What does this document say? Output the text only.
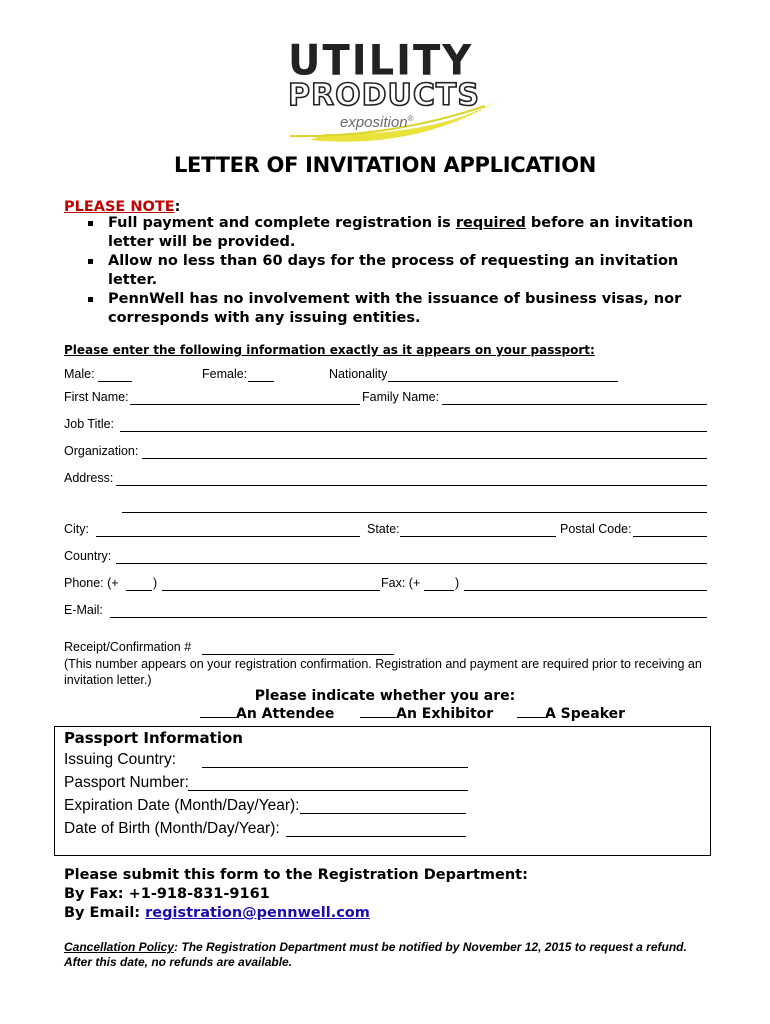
UTILITY
PRODUCTS
exposition®
LETTER OF INVITATION APPLICATION
PLEASE NOTE:
Full payment and complete registration is required before an invitation letter will be provided.
Allow no less than 60 days for the process of requesting an invitation letter.
PennWell has no involvement with the issuance of business visas, nor corresponds with any issuing entities.
Please enter the following information exactly as it appears on your passport:
Male:	Female:	Nationality
First Name:	Family Name:
Job Title:
Organization:
Address:
City:	State:	Postal Code:
Country:
Phone: (+	)	Fax: (+	)
E-Mail:
Receipt/Confirmation #
(This number appears on your registration confirmation. Registration and payment are required prior to receiving an invitation letter.)
Please indicate whether you are:
An Attendee	An Exhibitor	A Speaker
Passport Information
Issuing Country:
Passport Number:
Expiration Date (Month/Day/Year):
Date of Birth (Month/Day/Year):
Please submit this form to the Registration Department:
By Fax: +1-918-831-9161
By Email: registration@pennwell.com
Cancellation Policy: The Registration Department must be notified by November 12, 2015 to request a refund. After this date, no refunds are available.
